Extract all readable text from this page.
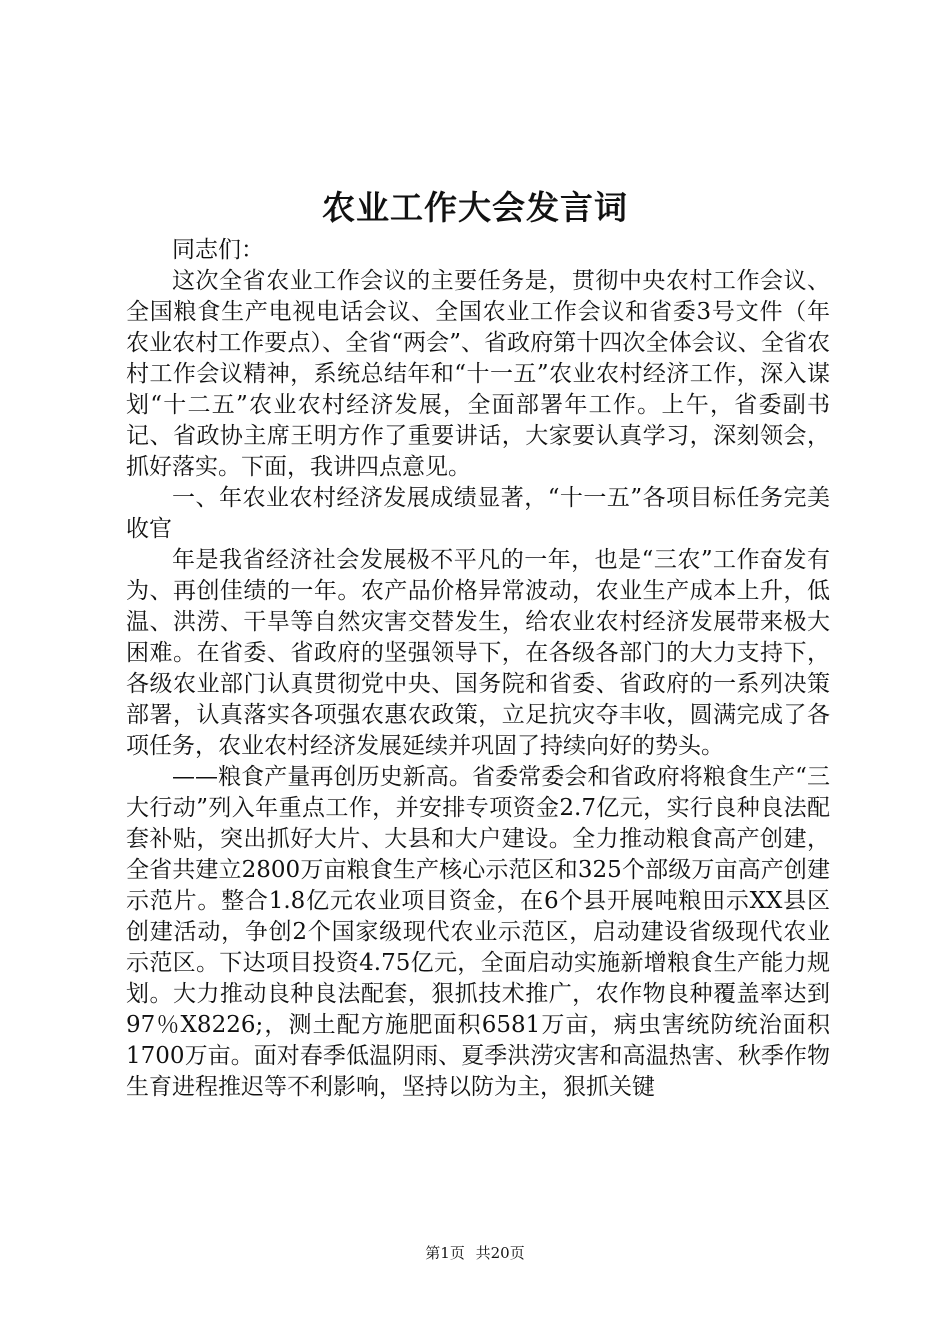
农业工作大会发言词

同志们：

这次全省农业工作会议的主要任务是，贯彻中央农村工作会议、全国粮食生产电视电话会议、全国农业工作会议和省委3号文件（年农业农村工作要点）、全省“两会”、省政府第十四次全体会议、全省农村工作会议精神，系统总结年和“十一五”农业农村经济工作，深入谋划“十二五”农业农村经济发展，全面部署年工作。上午，省委副书记、省政协主席王明方作了重要讲话，大家要认真学习，深刻领会，抓好落实。下面，我讲四点意见。

一、年农业农村经济发展成绩显著，“十一五”各项目标任务完美收官

年是我省经济社会发展极不平凡的一年，也是“三农”工作奋发有为、再创佳绩的一年。农产品价格异常波动，农业生产成本上升，低温、洪涝、干旱等自然灾害交替发生，给农业农村经济发展带来极大困难。在省委、省政府的坚强领导下，在各级各部门的大力支持下，各级农业部门认真贯彻党中央、国务院和省委、省政府的一系列决策部署，认真落实各项强农惠农政策，立足抗灾夺丰收，圆满完成了各项任务，农业农村经济发展延续并巩固了持续向好的势头。

——粮食产量再创历史新高。省委常委会和省政府将粮食生产“三大行动”列入年重点工作，并安排专项资金2.7亿元，实行良种良法配套补贴，突出抓好大片、大县和大户建设。全力推动粮食高产创建，全省共建立2800万亩粮食生产核心示范区和325个部级万亩高产创建示范片。整合1.8亿元农业项目资金，在6个县开展吨粮田示XX县区创建活动，争创2个国家级现代农业示范区，启动建设省级现代农业示范区。下达项目投资4.75亿元，全面启动实施新增粮食生产能力规划。大力推动良种良法配套，狠抓技术推广，农作物良种覆盖率达到97％X8226;，测土配方施肥面积6581万亩，病虫害统防统治面积1700万亩。面对春季低温阴雨、夏季洪涝灾害和高温热害、秋季作物生育进程推迟等不利影响，坚持以防为主，狠抓关键

第1页 共20页
